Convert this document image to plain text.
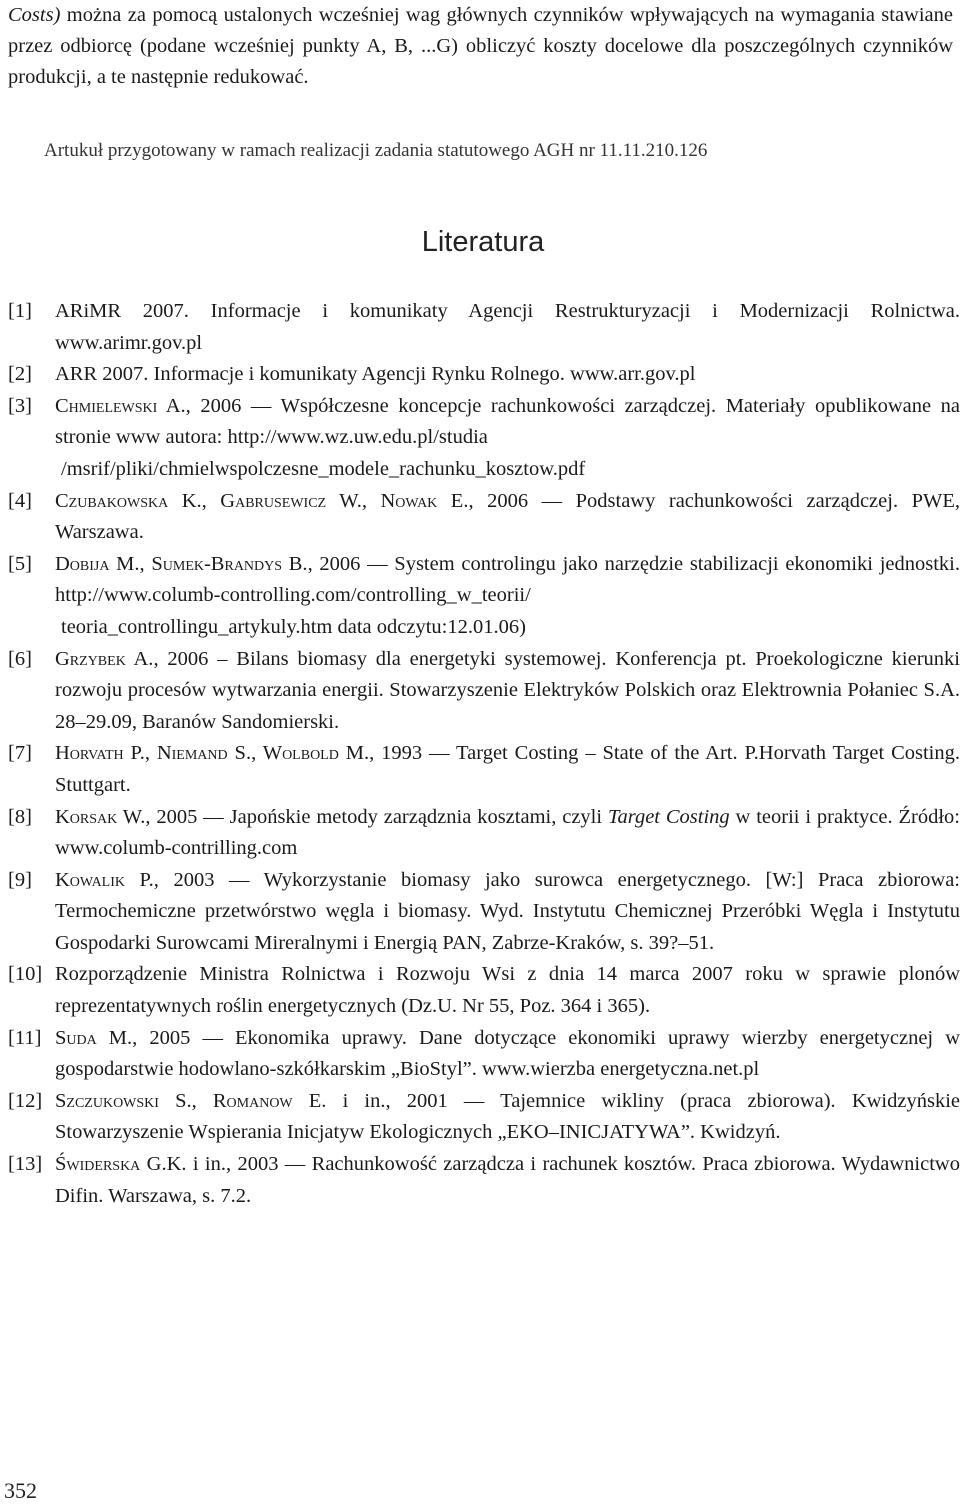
Costs) można za pomocą ustalonych wcześniej wag głównych czynników wpływających na wymagania stawiane przez odbiorcę (podane wcześniej punkty A, B, ...G) obliczyć koszty docelowe dla poszczególnych czynników produkcji, a te następnie redukować.
Artukuł przygotowany w ramach realizacji zadania statutowego AGH nr 11.11.210.126
Literatura
[1] ARiMR 2007. Informacje i komunikaty Agencji Restrukturyzacji i Modernizacji Rolnictwa. www.arimr.gov.pl
[2] ARR 2007. Informacje i komunikaty Agencji Rynku Rolnego. www.arr.gov.pl
[3] Chmielewski A., 2006 — Współczesne koncepcje rachunkowości zarządczej. Materiały opublikowane na stronie www autora: http://www.wz.uw.edu.pl/studia
/msrif/pliki/chmielwspolczesne_modele_rachunku_kosztow.pdf
[4] Czubakowska K., Gabrusewicz W., Nowak E., 2006 — Podstawy rachunkowości zarządczej. PWE, Warszawa.
[5] Dobija M., Sumek-Brandys B., 2006 — System controlingu jako narzędzie stabilizacji ekonomiki jednostki. http://www.columb-controlling.com/controlling_w_teorii/
teoria_controllingu_artykuly.htm data odczytu:12.01.06)
[6] Grzybek A., 2006 – Bilans biomasy dla energetyki systemowej. Konferencja pt. Proekologiczne kierunki rozwoju procesów wytwarzania energii. Stowarzyszenie Elektryków Polskich oraz Elektrownia Połaniec S.A. 28–29.09, Baranów Sandomierski.
[7] Horvath P., Niemand S., Wolbold M., 1993 — Target Costing – State of the Art. P.Horvath Target Costing. Stuttgart.
[8] Korsak W., 2005 — Japońskie metody zarządznia kosztami, czyli Target Costing w teorii i praktyce. Źródło: www.columb-contrilling.com
[9] Kowalik P., 2003 — Wykorzystanie biomasy jako surowca energetycznego. [W:] Praca zbiorowa: Termochemiczne przetwórstwo węgla i biomasy. Wyd. Instytutu Chemicznej Przeróbki Węgla i Instytutu Gospodarki Surowcami Mireralnymi i Energią PAN, Zabrze-Kraków, s. 39?–51.
[10] Rozporządzenie Ministra Rolnictwa i Rozwoju Wsi z dnia 14 marca 2007 roku w sprawie plonów reprezentatywnych roślin energetycznych (Dz.U. Nr 55, Poz. 364 i 365).
[11] Suda M., 2005 — Ekonomika uprawy. Dane dotyczące ekonomiki uprawy wierzby energetycznej w gospodarstwie hodowlano-szkółkarskim „BioStyl”. www.wierzba energetyczna.net.pl
[12] Szczukowski S., Romanow E. i in., 2001 — Tajemnice wikliny (praca zbiorowa). Kwidzyńskie Stowarzyszenie Wspierania Inicjatyw Ekologicznych „EKO–INICJATYWA”. Kwidzyń.
[13] Świderska G.K. i in., 2003 — Rachunkowość zarządcza i rachunek kosztów. Praca zbiorowa. Wydawnictwo Difin. Warszawa, s. 7.2.
352
